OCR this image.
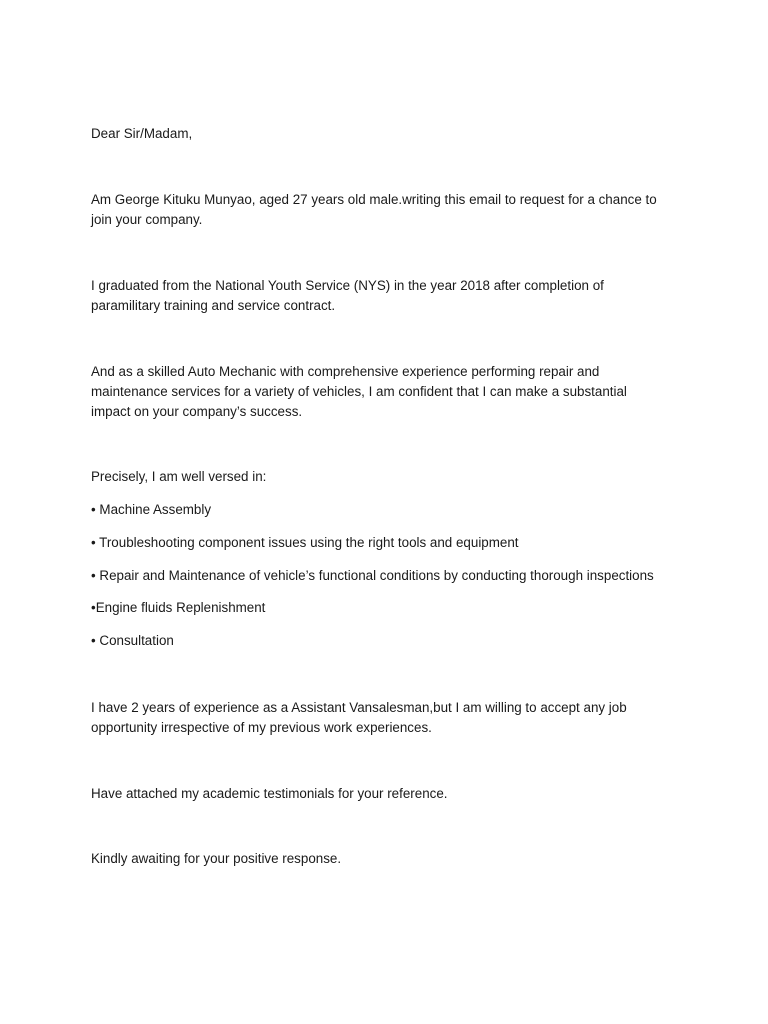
Dear Sir/Madam,

Am George Kituku Munyao, aged 27 years old male.writing this email to request for a chance to

join your company.

I graduated from the National Youth Service (NYS) in the year 2018 after completion of

paramilitary training and service contract.

And as a skilled Auto Mechanic with comprehensive experience performing repair and

maintenance services for a variety of vehicles, I am confident that I can make a substantial

impact on your company’s success.

Precisely, I am well versed in:

• Machine Assembly

• Troubleshooting component issues using the right tools and equipment

• Repair and Maintenance of vehicle’s functional conditions by conducting thorough inspections

•Engine fluids Replenishment

• Consultation

I have 2 years of experience as a Assistant Vansalesman,but I am willing to accept any job

opportunity irrespective of my previous work experiences.

Have attached my academic testimonials for your reference.

Kindly awaiting for your positive response.
